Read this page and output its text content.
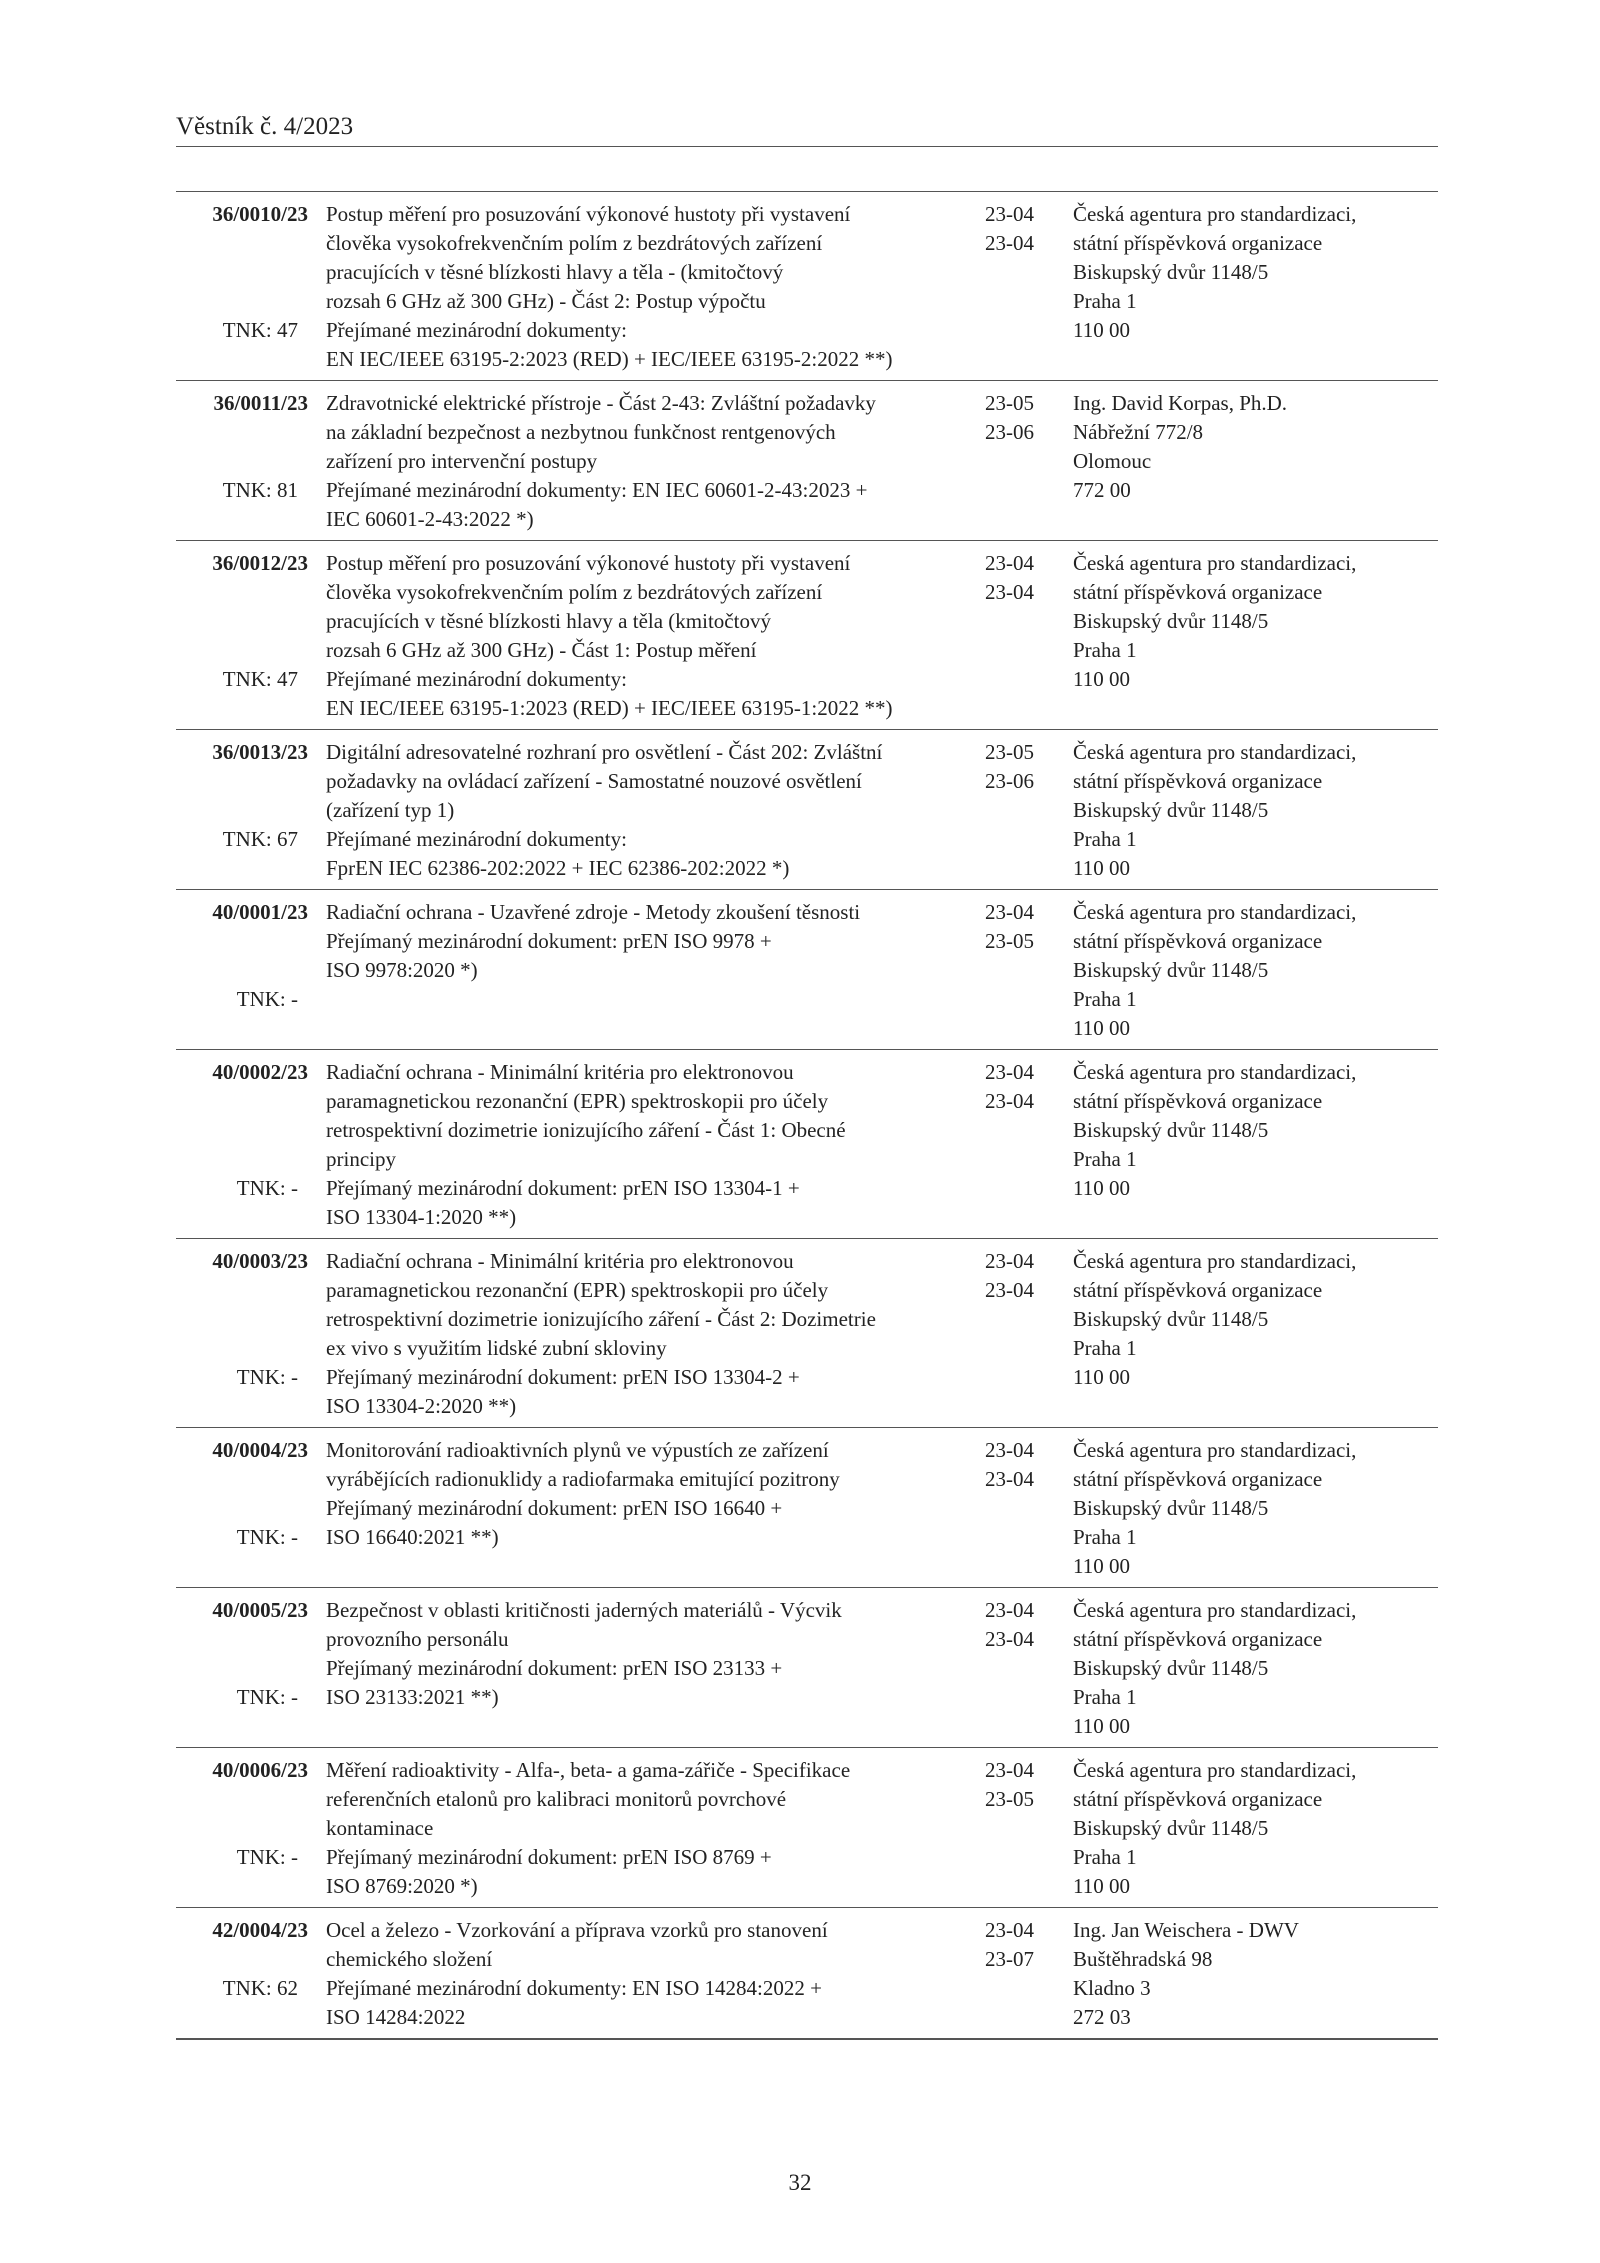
Věstník č. 4/2023
36/0010/23
TNK: 47
Postup měření pro posuzování výkonové hustoty při vystavení
člověka vysokofrekvenčním polím z bezdrátových zařízení
pracujících v těsné blízkosti hlavy a těla - (kmitočtový
rozsah 6 GHz až 300 GHz) - Část 2: Postup výpočtu
Přejímané mezinárodní dokumenty:
EN IEC/IEEE 63195-2:2023 (RED) + IEC/IEEE 63195-2:2022 **)
23-04
23-04
Česká agentura pro standardizaci,
státní příspěvková organizace
Biskupský dvůr 1148/5
Praha 1
110 00
36/0011/23
TNK: 81
Zdravotnické elektrické přístroje - Část 2-43: Zvláštní požadavky
na základní bezpečnost a nezbytnou funkčnost rentgenových
zařízení pro intervenční postupy
Přejímané mezinárodní dokumenty: EN IEC 60601-2-43:2023 +
IEC 60601-2-43:2022 *)
23-05
23-06
Ing. David Korpas, Ph.D.
Nábřežní 772/8
Olomouc
772 00
36/0012/23
TNK: 47
Postup měření pro posuzování výkonové hustoty při vystavení
člověka vysokofrekvenčním polím z bezdrátových zařízení
pracujících v těsné blízkosti hlavy a těla (kmitočtový
rozsah 6 GHz až 300 GHz) - Část 1: Postup měření
Přejímané mezinárodní dokumenty:
EN IEC/IEEE 63195-1:2023 (RED) + IEC/IEEE 63195-1:2022 **)
23-04
23-04
Česká agentura pro standardizaci,
státní příspěvková organizace
Biskupský dvůr 1148/5
Praha 1
110 00
36/0013/23
TNK: 67
Digitální adresovatelné rozhraní pro osvětlení - Část 202: Zvláštní
požadavky na ovládací zařízení - Samostatné nouzové osvětlení
(zařízení typ 1)
Přejímané mezinárodní dokumenty:
FprEN IEC 62386-202:2022 + IEC 62386-202:2022 *)
23-05
23-06
Česká agentura pro standardizaci,
státní příspěvková organizace
Biskupský dvůr 1148/5
Praha 1
110 00
40/0001/23
TNK: -
Radiační ochrana - Uzavřené zdroje - Metody zkoušení těsnosti
Přejímaný mezinárodní dokument: prEN ISO 9978 +
ISO 9978:2020 *)
23-04
23-05
Česká agentura pro standardizaci,
státní příspěvková organizace
Biskupský dvůr 1148/5
Praha 1
110 00
40/0002/23
TNK: -
Radiační ochrana - Minimální kritéria pro elektronovou
paramagnetickou rezonanční (EPR) spektroskopii pro účely
retrospektivní dozimetrie ionizujícího záření - Část 1: Obecné
principy
Přejímaný mezinárodní dokument: prEN ISO 13304-1 +
ISO 13304-1:2020 **)
23-04
23-04
Česká agentura pro standardizaci,
státní příspěvková organizace
Biskupský dvůr 1148/5
Praha 1
110 00
40/0003/23
TNK: -
Radiační ochrana - Minimální kritéria pro elektronovou
paramagnetickou rezonanční (EPR) spektroskopii pro účely
retrospektivní dozimetrie ionizujícího záření - Část 2: Dozimetrie
ex vivo s využitím lidské zubní skloviny
Přejímaný mezinárodní dokument: prEN ISO 13304-2 +
ISO 13304-2:2020 **)
23-04
23-04
Česká agentura pro standardizaci,
státní příspěvková organizace
Biskupský dvůr 1148/5
Praha 1
110 00
40/0004/23
TNK: -
Monitorování radioaktivních plynů ve výpustích ze zařízení
vyrábějících radionuklidy a radiofarmaka emitující pozitrony
Přejímaný mezinárodní dokument: prEN ISO 16640 +
ISO 16640:2021 **)
23-04
23-04
Česká agentura pro standardizaci,
státní příspěvková organizace
Biskupský dvůr 1148/5
Praha 1
110 00
40/0005/23
TNK: -
Bezpečnost v oblasti kritičnosti jaderných materiálů - Výcvik
provozního personálu
Přejímaný mezinárodní dokument: prEN ISO 23133 +
ISO 23133:2021 **)
23-04
23-04
Česká agentura pro standardizaci,
státní příspěvková organizace
Biskupský dvůr 1148/5
Praha 1
110 00
40/0006/23
TNK: -
Měření radioaktivity - Alfa-, beta- a gama-zářiče - Specifikace
referenčních etalonů pro kalibraci monitorů povrchové
kontaminace
Přejímaný mezinárodní dokument: prEN ISO 8769 +
ISO 8769:2020 *)
23-04
23-05
Česká agentura pro standardizaci,
státní příspěvková organizace
Biskupský dvůr 1148/5
Praha 1
110 00
42/0004/23
TNK: 62
Ocel a železo - Vzorkování a příprava vzorků pro stanovení
chemického složení
Přejímané mezinárodní dokumenty: EN ISO 14284:2022 +
ISO 14284:2022
23-04
23-07
Ing. Jan Weischera - DWV
Buštěhradská 98
Kladno 3
272 03
32
